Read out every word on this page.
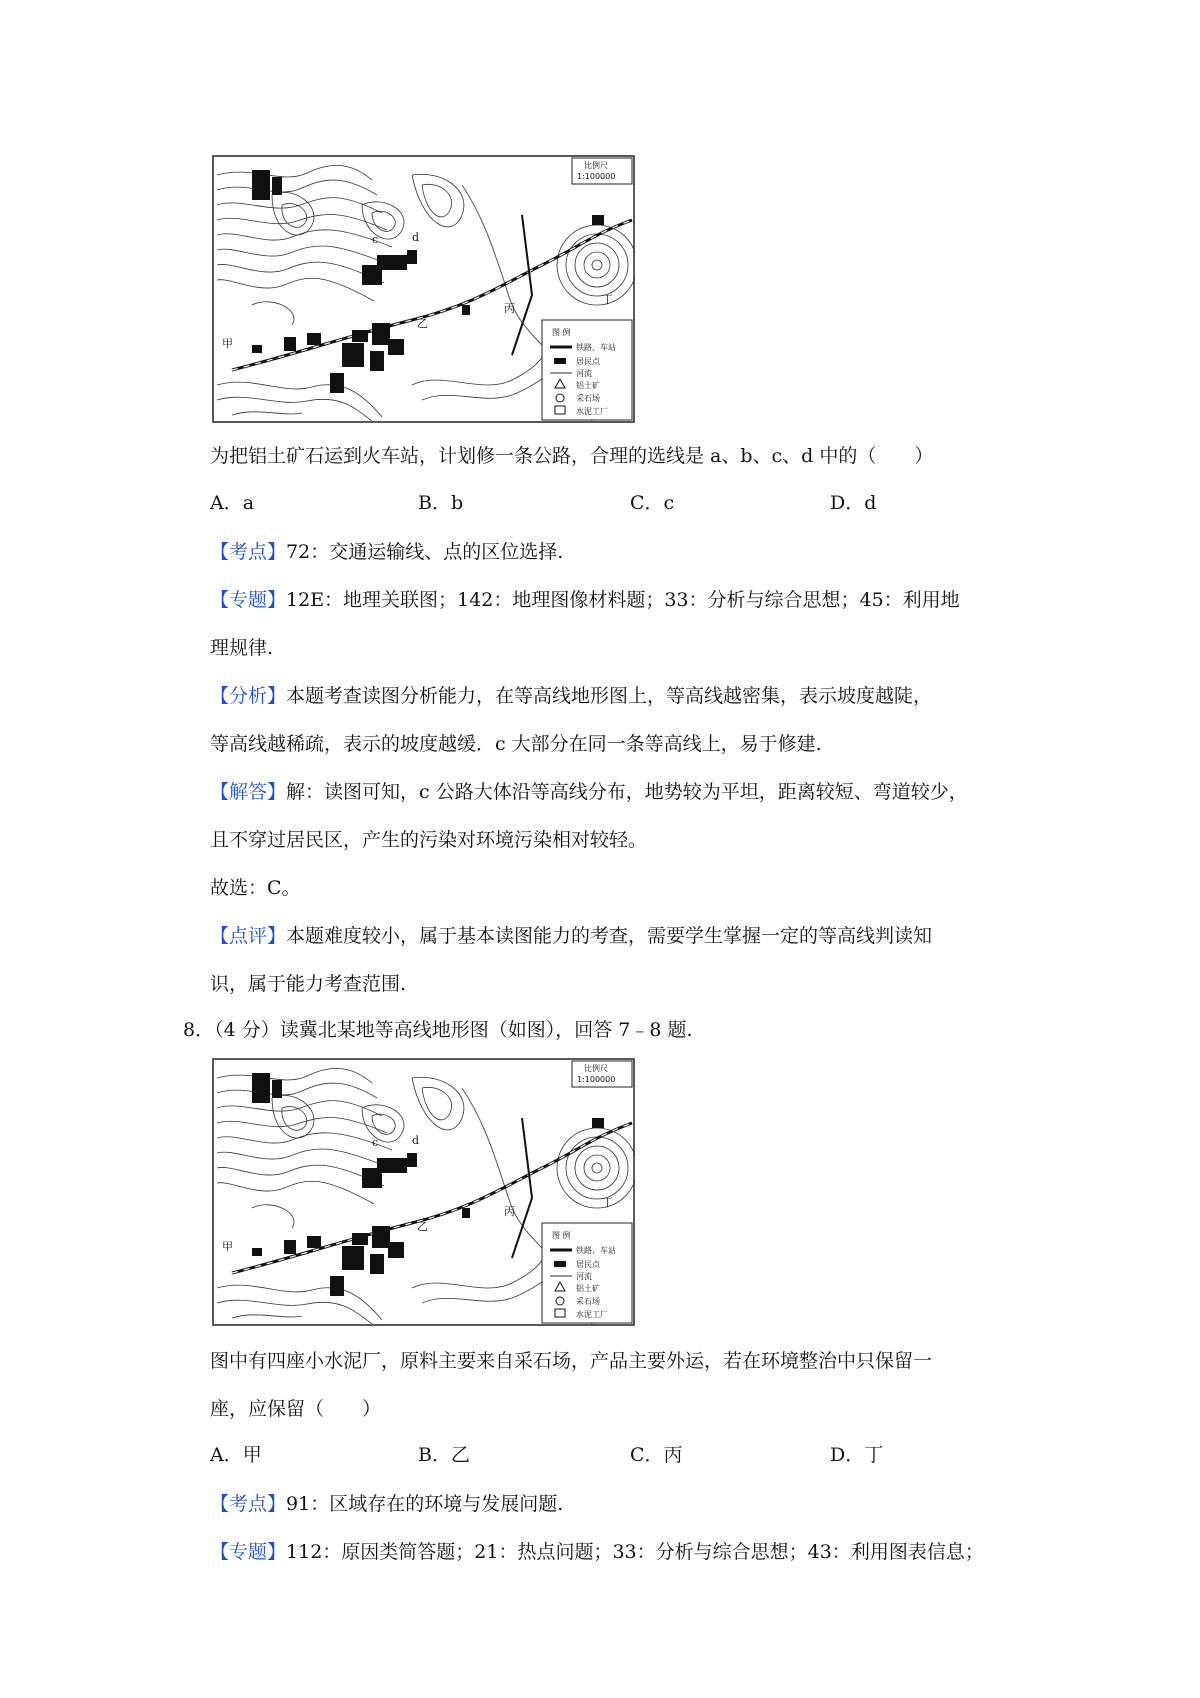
图 例
铁路、车站
居民点
河流
铝土矿
采石场
水泥工厂
比例尺
1:100000
甲
乙
丙
丁
c	d
为把铝土矿石运到火车站，计划修一条公路，合理的选线是 a、b、c、d 中的（　　）
A．a	B．b	C．c	D．d
【考点】72：交通运输线、点的区位选择.
【专题】12E：地理关联图；142：地理图像材料题；33：分析与综合思想；45：利用地
理规律.
【分析】本题考查读图分析能力，在等高线地形图上，等高线越密集，表示坡度越陡，
等高线越稀疏，表示的坡度越缓．c 大部分在同一条等高线上，易于修建.
【解答】解：读图可知，c 公路大体沿等高线分布，地势较为平坦，距离较短、弯道较少，
且不穿过居民区，产生的污染对环境污染相对较轻。
故选：C。
【点评】本题难度较小，属于基本读图能力的考查，需要学生掌握一定的等高线判读知
识，属于能力考查范围.
8．（4 分）读冀北某地等高线地形图（如图），回答 7﹣8 题.
图 例
铁路、车站
居民点
河流
铝土矿
采石场
水泥工厂
比例尺
1:100000
甲
乙
丙
丁
c	d
图中有四座小水泥厂，原料主要来自采石场，产品主要外运，若在环境整治中只保留一
座，应保留（　　）
A．甲	B．乙	C．丙	D．丁
【考点】91：区域存在的环境与发展问题.
【专题】112：原因类简答题；21：热点问题；33：分析与综合思想；43：利用图表信息；
